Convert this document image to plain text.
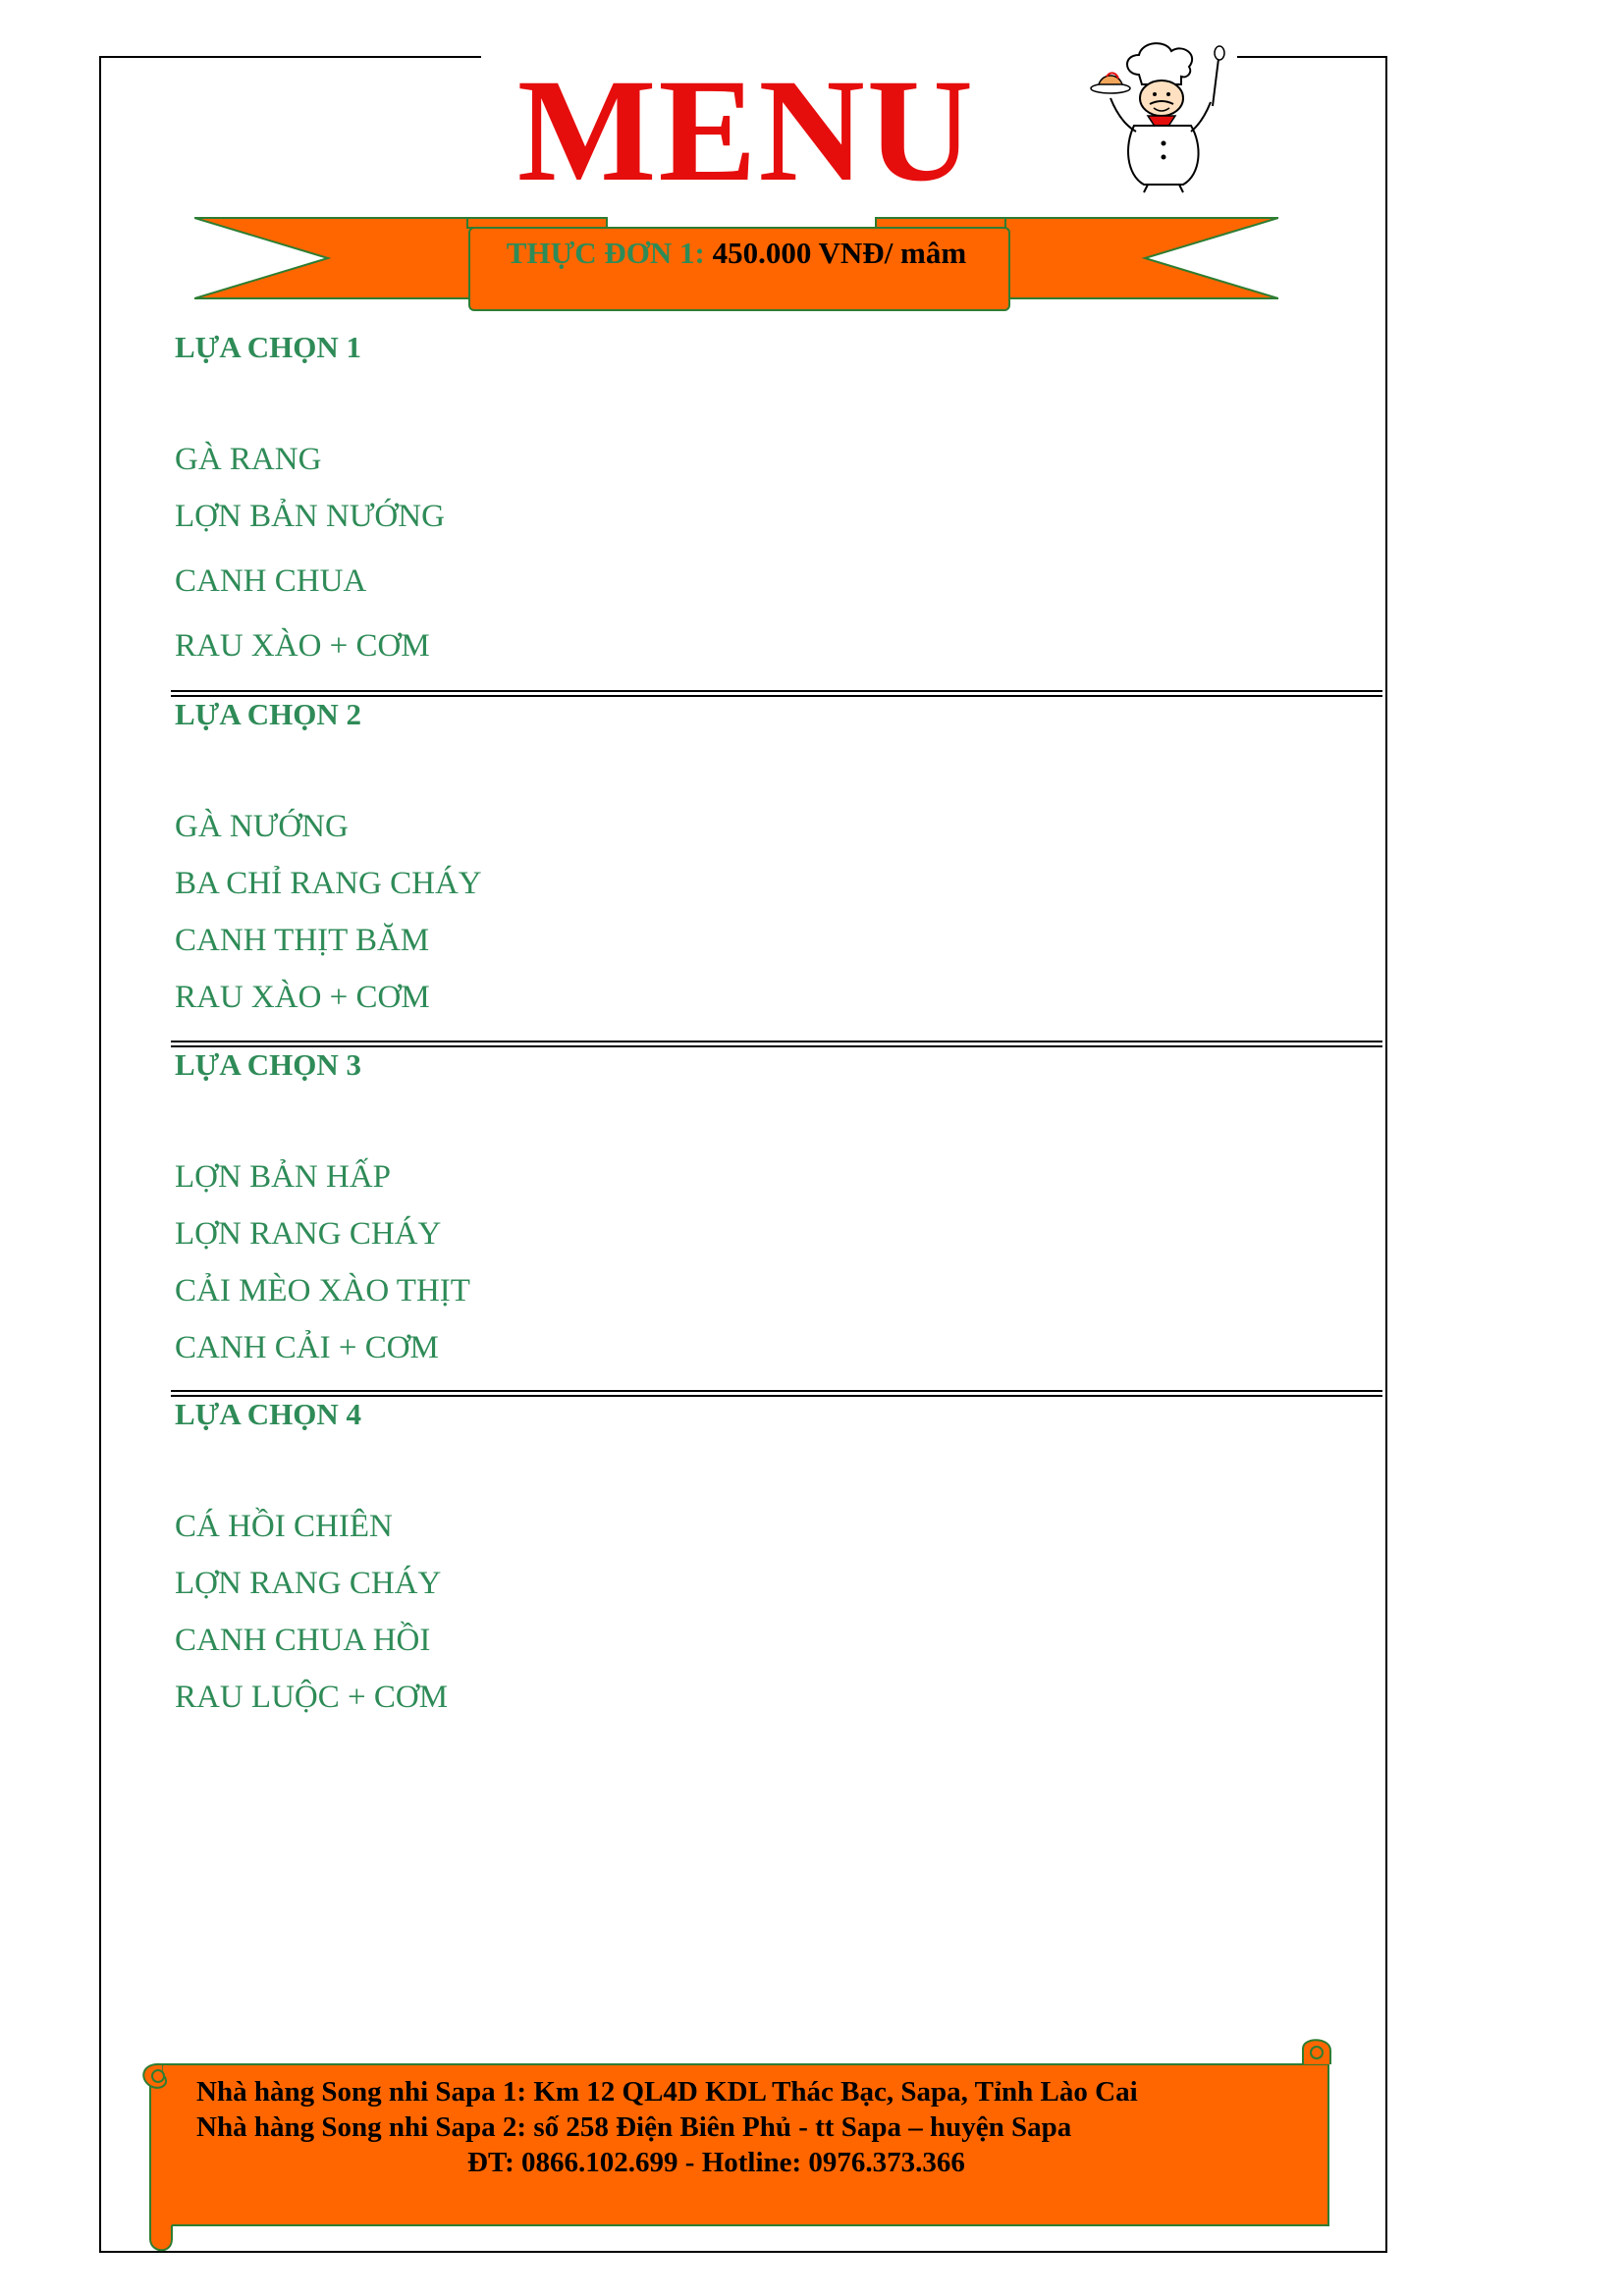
MENU
THỰC ĐƠN 1: 450.000 VNĐ/ mâm
LỰA CHỌN 1
GÀ RANG
LỢN BẢN NƯỚNG
CANH CHUA
RAU XÀO + CƠM
LỰA CHỌN 2
GÀ NƯỚNG
BA CHỈ RANG CHÁY
CANH THỊT BĂM
RAU XÀO + CƠM
LỰA CHỌN 3
LỢN BẢN HẤP
LỢN RANG CHÁY
CẢI MÈO XÀO THỊT
CANH CẢI + CƠM
LỰA CHỌN 4
CÁ HỒI CHIÊN
LỢN RANG CHÁY
CANH CHUA HỒI
RAU LUỘC + CƠM
Nhà hàng Song nhi Sapa 1: Km 12 QL4D KDL Thác Bạc, Sapa, Tỉnh Lào Cai
Nhà hàng Song nhi Sapa 2: số 258 Điện Biên Phủ - tt Sapa – huyện Sapa
ĐT: 0866.102.699 - Hotline: 0976.373.366
